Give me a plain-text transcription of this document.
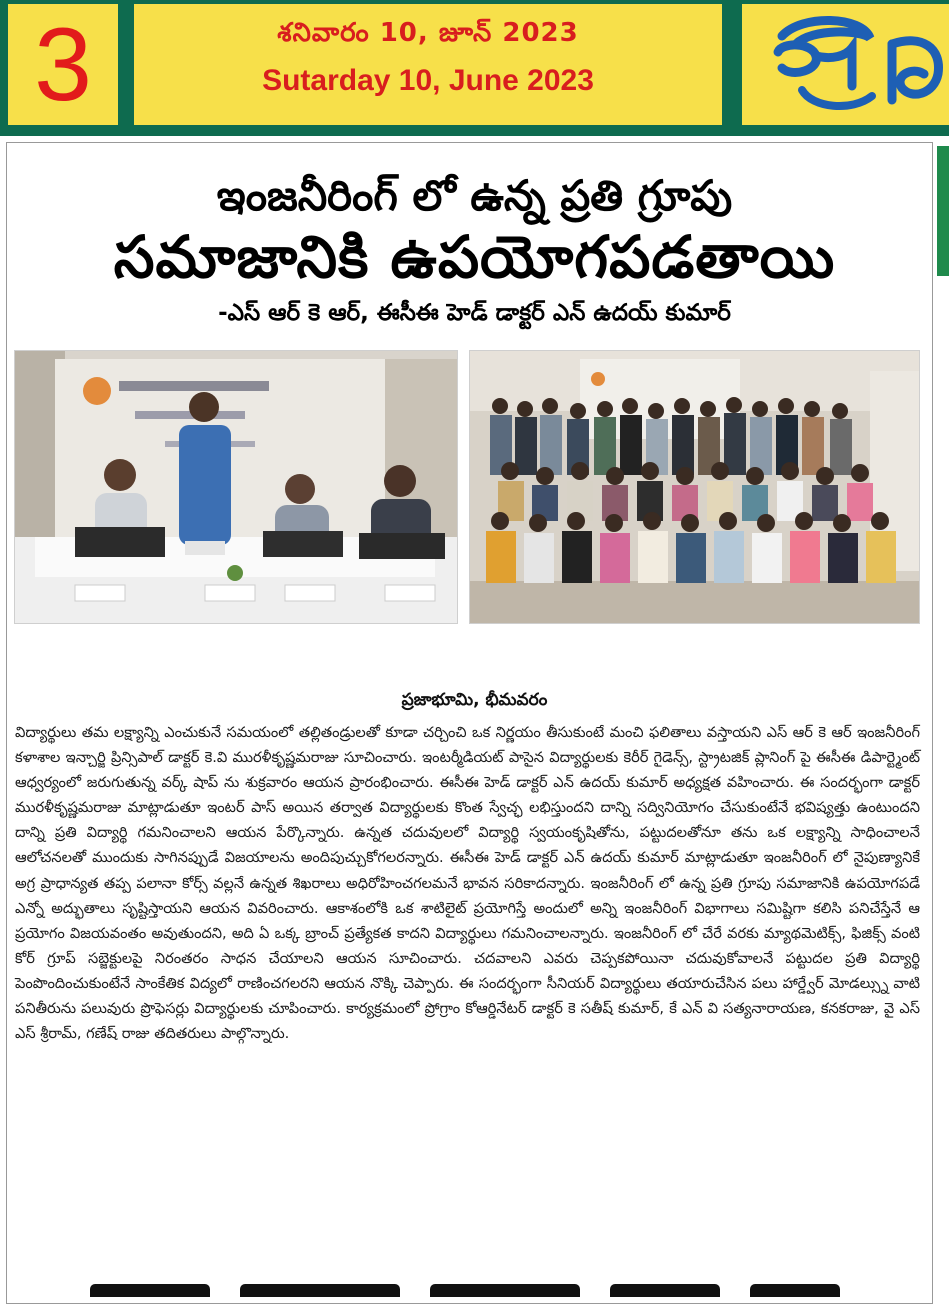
3	శనివారం 10, జూన్ 2023
Sutarday 10, June 2023
ఇంజనీరింగ్ లో ఉన్న ప్రతి గ్రూపు
సమాజానికి ఉపయోగపడతాయి
-ఎస్ ఆర్ కె ఆర్, ఈసీఈ హెడ్ డాక్టర్ ఎన్ ఉదయ్ కుమార్
ప్రజాభూమి, భీమవరం
విద్యార్థులు తమ లక్ష్యాన్ని ఎంచుకునే సమయంలో తల్లితండ్రులతో కూడా చర్చించి ఒక నిర్ణయం తీసుకుంటే మంచి ఫలితాలు వస్తాయని ఎస్ ఆర్ కె ఆర్ ఇంజనీరింగ్ కళాశాల ఇన్చార్జి ప్రిన్సిపాల్ డాక్టర్ కె.వి మురళీకృష్ణమరాజు సూచించారు. ఇంటర్మీడియట్ పాసైన విద్యార్థులకు కెరీర్ గైడెన్స్, స్ట్రాటజిక్ ప్లానింగ్ పై ఈసీఈ డిపార్ట్మెంట్ ఆధ్వర్యంలో జరుగుతున్న వర్క్ షాప్ ను శుక్రవారం ఆయన ప్రారంభించారు. ఈసీఈ హెడ్ డాక్టర్ ఎన్ ఉదయ్ కుమార్ అధ్యక్షత వహించారు. ఈ సందర్భంగా డాక్టర్ మురళీకృష్ణమరాజు మాట్లాడుతూ ఇంటర్ పాస్ అయిన తర్వాత విద్యార్థులకు కొంత స్వేచ్ఛ లభిస్తుందని దాన్ని సద్వినియోగం చేసుకుంటేనే భవిష్యత్తు ఉంటుందని దాన్ని ప్రతి విద్యార్థి గమనించాలని ఆయన పేర్కొన్నారు. ఉన్నత చదువులలో విద్యార్థి స్వయంకృషితోను, పట్టుదలతోనూ తను ఒక లక్ష్యాన్ని సాధించాలనే ఆలోచనలతో ముందుకు సాగినప్పుడే విజయాలను అందిపుచ్చుకోగలరన్నారు. ఈసీఈ హెడ్ డాక్టర్ ఎన్ ఉదయ్ కుమార్ మాట్లాడుతూ ఇంజనీరింగ్ లో నైపుణ్యానికే అగ్ర ప్రాధాన్యత తప్ప పలానా కోర్స్ వల్లనే ఉన్నత శిఖరాలు అధిరోహించగలమనే భావన సరికాదన్నారు. ఇంజనీరింగ్ లో ఉన్న ప్రతి గ్రూపు సమాజానికి ఉపయోగపడే ఎన్నో అద్భుతాలు సృష్టిస్తాయని ఆయన వివరించారు. ఆకాశంలోకి ఒక శాటిలైట్ ప్రయోగిస్తే అందులో అన్ని ఇంజనీరింగ్ విభాగాలు సమిష్టిగా కలిసి పనిచేస్తేనే ఆ ప్రయోగం విజయవంతం అవుతుందని, అది ఏ ఒక్క బ్రాంచ్ ప్రత్యేకత కాదని విద్యార్థులు గమనించాలన్నారు. ఇంజనీరింగ్ లో చేరే వరకు మ్యాథమెటిక్స్, ఫిజిక్స్ వంటి కోర్ గ్రూప్ సబ్జెక్టులపై నిరంతరం సాధన చేయాలని ఆయన సూచించారు. చదవాలని ఎవరు చెప్పకపోయినా చదువుకోవాలనే పట్టుదల ప్రతి విద్యార్థి పెంపొందించుకుంటేనే సాంకేతిక విద్యలో రాణించగలరని ఆయన నొక్కి చెప్పారు. ఈ సందర్భంగా సీనియర్ విద్యార్థులు తయారుచేసిన పలు హార్డ్వేర్ మోడల్స్ను వాటి పనితీరును పలువురు ప్రొఫెసర్లు విద్యార్థులకు చూపించారు. కార్యక్రమంలో ప్రోగ్రాం కోఆర్డినేటర్ డాక్టర్ కె సతీష్ కుమార్, కే ఎన్ వి సత్యనారాయణ, కనకరాజు, వై ఎస్ ఎస్ శ్రీరామ్, గణేష్ రాజు తదితరులు పాల్గొన్నారు.
